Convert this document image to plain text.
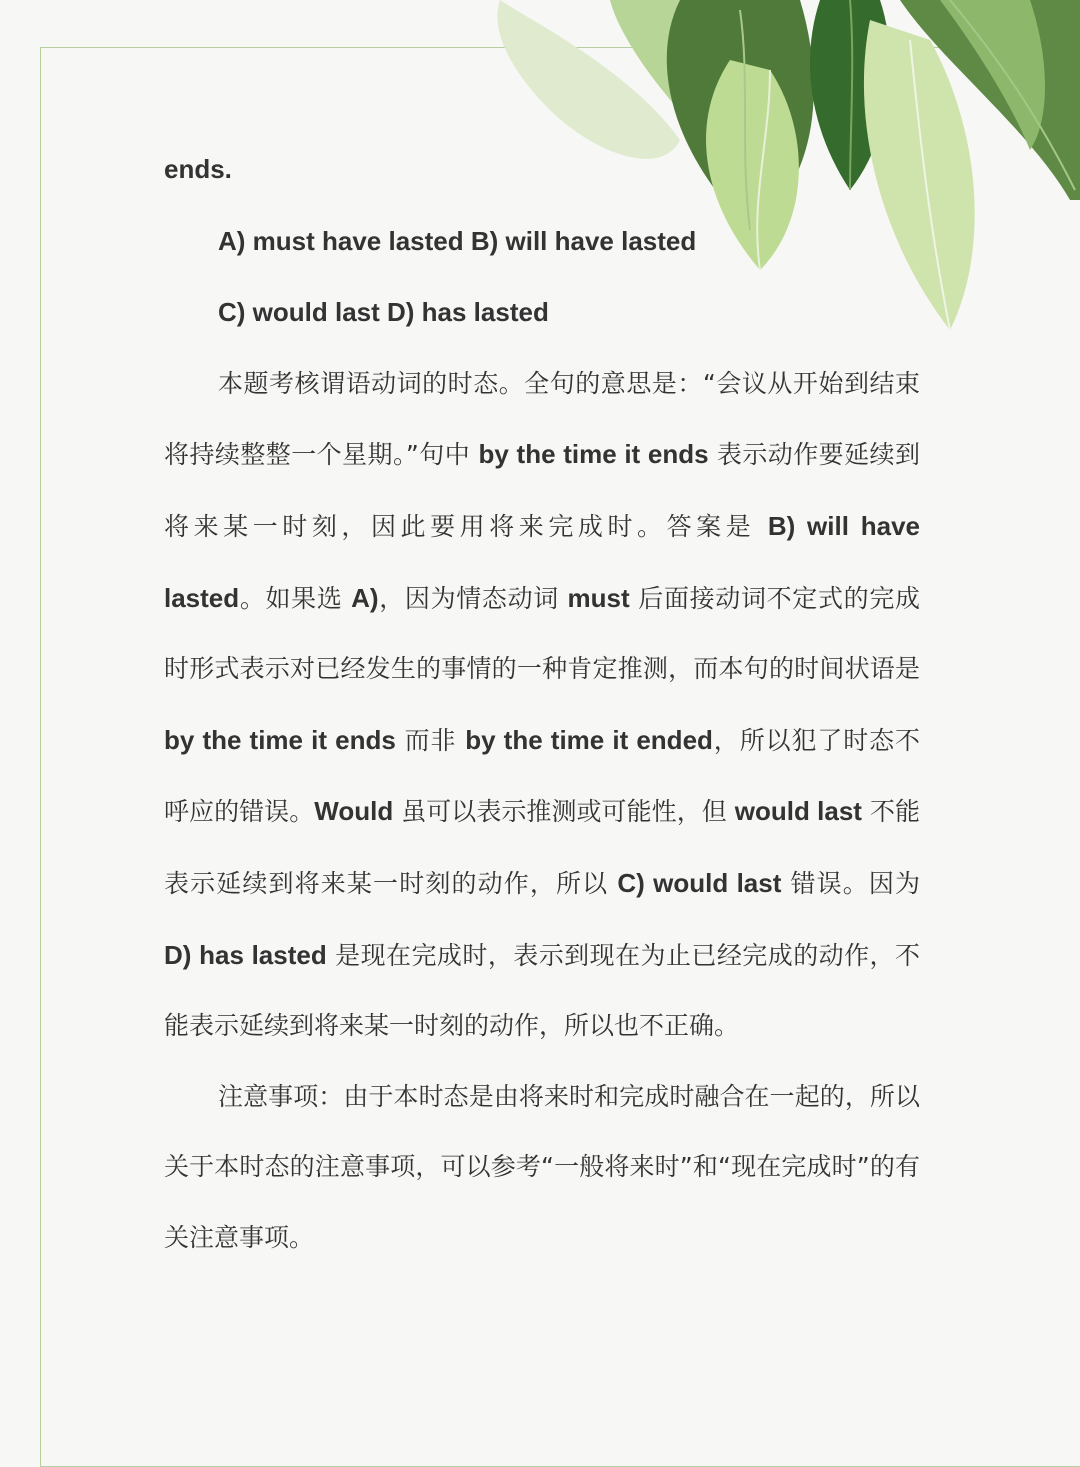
ends.

A) must have lasted B) will have lasted

C) would last D) has lasted

本题考核谓语动词的时态。全句的意思是：“会议从开始到结束将持续整整一个星期。”句中 by the time it ends 表示动作要延续到将来某一时刻，因此要用将来完成时。答案是 B) will have lasted。如果选 A)，因为情态动词 must 后面接动词不定式的完成时形式表示对已经发生的事情的一种肯定推测，而本句的时间状语是 by the time it ends 而非 by the time it ended，所以犯了时态不呼应的错误。Would 虽可以表示推测或可能性，但 would last 不能表示延续到将来某一时刻的动作，所以 C) would last 错误。因为 D) has lasted 是现在完成时，表示到现在为止已经完成的动作，不能表示延续到将来某一时刻的动作，所以也不正确。

注意事项：由于本时态是由将来时和完成时融合在一起的，所以关于本时态的注意事项，可以参考“一般将来时”和“现在完成时”的有关注意事项。
